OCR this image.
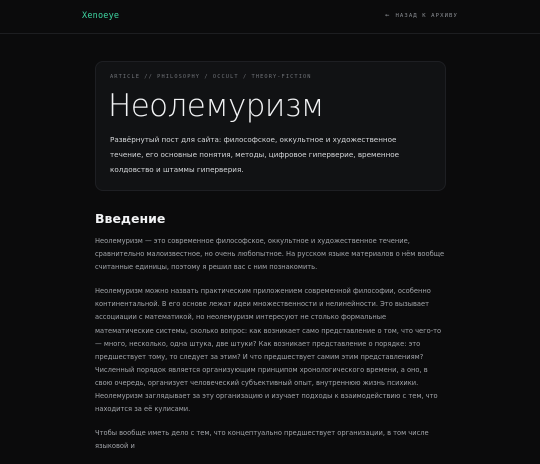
Xenoeye	← НАЗАД К АРХИВУ
ARTICLE // PHILOSOPHY / OCCULT / THEORY-FICTION
Неолемуризм

Развёрнутый пост для сайта: философское, оккультное и художественное течение, его основные понятия, методы, цифровое гиперверие, временное колдовство и штаммы гиперверия.

Введение

Неолемуризм — это современное философское, оккультное и художественное течение, сравнительно малоизвестное, но очень любопытное. На русском языке материалов о нём вообще считанные единицы, поэтому я решил вас с ним познакомить.

Неолемуризм можно назвать практическим приложением современной философии, особенно континентальной. В его основе лежат идеи множественности и нелинейности. Это вызывает ассоциации с математикой, но неолемуризм интересуют не столько формальные математические системы, сколько вопрос: как возникает само представление о том, что чего-то — много, несколько, одна штука, две штуки? Как возникает представление о порядке: это предшествует тому, то следует за этим? И что предшествует самим этим представлениям? Численный порядок является организующим принципом хронологического времени, а оно, в свою очередь, организует человеческий субъективный опыт, внутреннюю жизнь психики. Неолемуризм заглядывает за эту организацию и изучает подходы к взаимодействию с тем, что находится за её кулисами.

Чтобы вообще иметь дело с тем, что концептуально предшествует организации, в том числе языковой и
